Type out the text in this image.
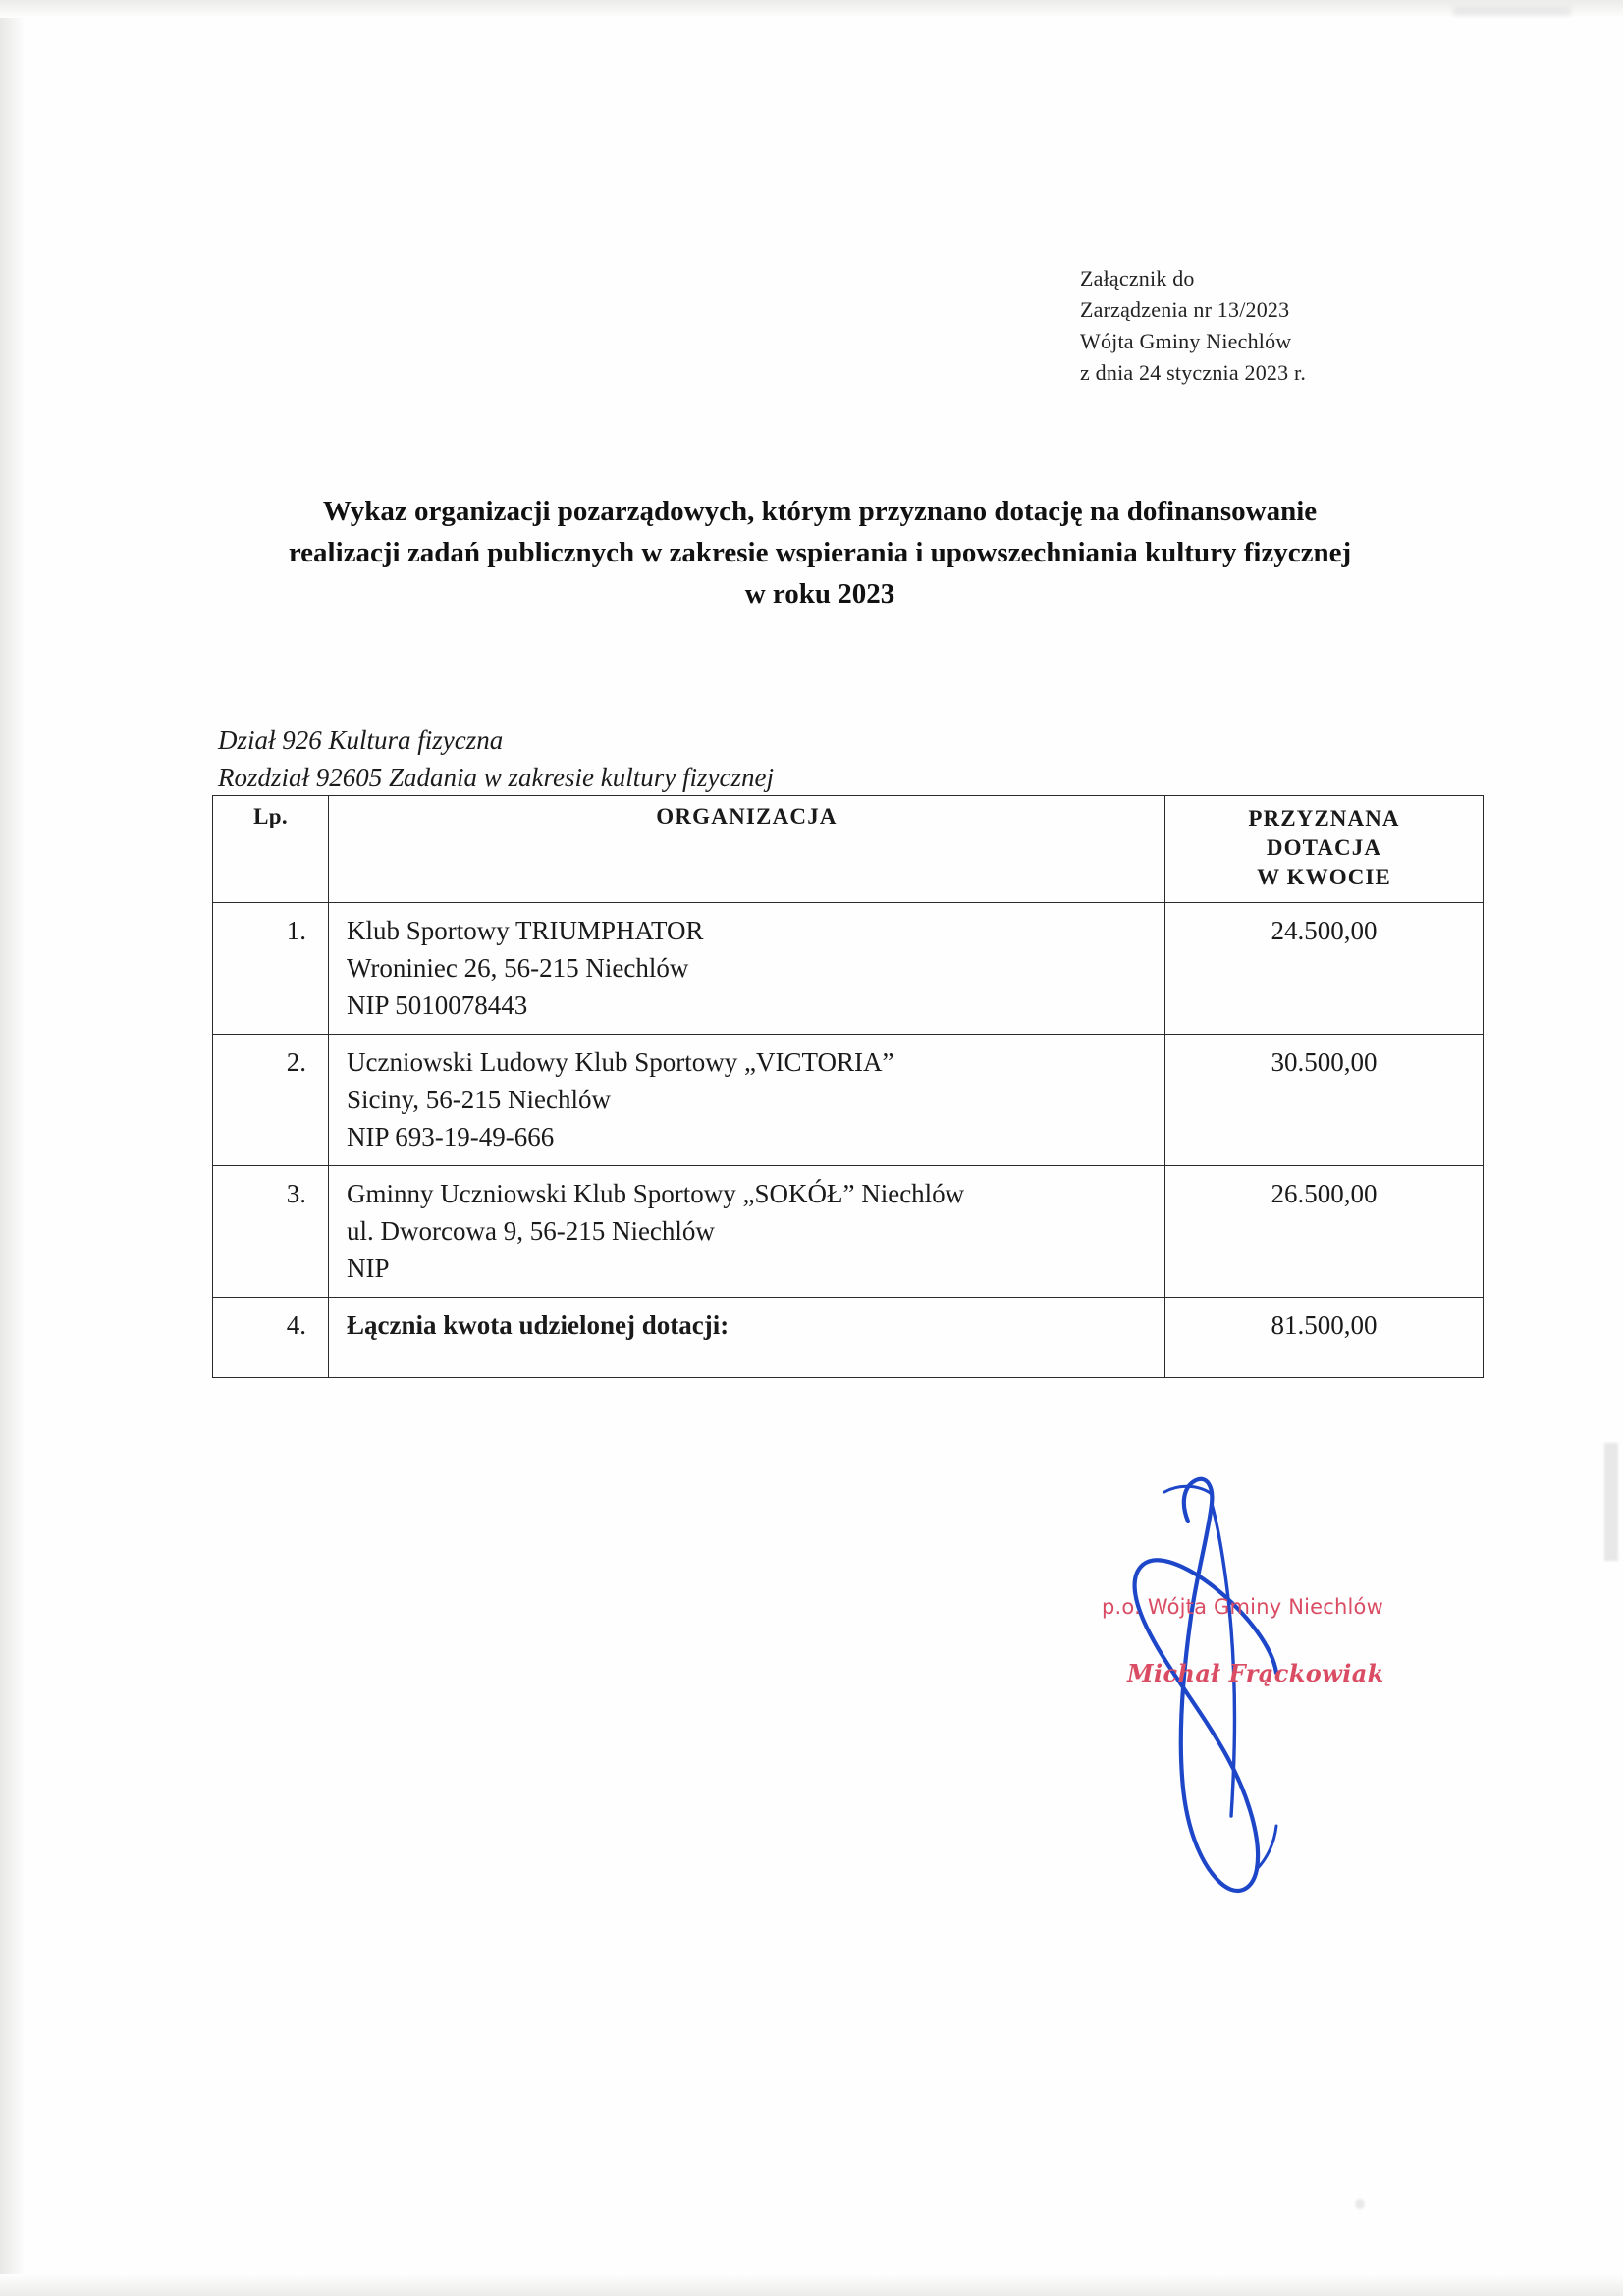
Załącznik do
Zarządzenia nr 13/2023
Wójta Gminy Niechlów
z dnia 24 stycznia 2023 r.
Wykaz organizacji pozarządowych, którym przyznano dotację na dofinansowanie
realizacji zadań publicznych w zakresie wspierania i upowszechniania kultury fizycznej
w roku 2023
Dział 926 Kultura fizyczna
Rozdział 92605 Zadania w zakresie kultury fizycznej
Lp.	ORGANIZACJA	PRZYZNANA
DOTACJA
W KWOCIE

1.	Klub Sportowy TRIUMPHATOR
Wroniniec 26, 56-215 Niechlów
NIP 5010078443	24.500,00
2.	Uczniowski Ludowy Klub Sportowy „VICTORIA”
Siciny, 56-215 Niechlów
NIP 693-19-49-666	30.500,00
3.	Gminny Uczniowski Klub Sportowy „SOKÓŁ” Niechlów
ul. Dworcowa 9, 56-215 Niechlów
NIP	26.500,00
4.	Łącznia kwota udzielonej dotacji:	81.500,00
p.o. Wójta Gminy Niechlów
Michał Frąckowiak
